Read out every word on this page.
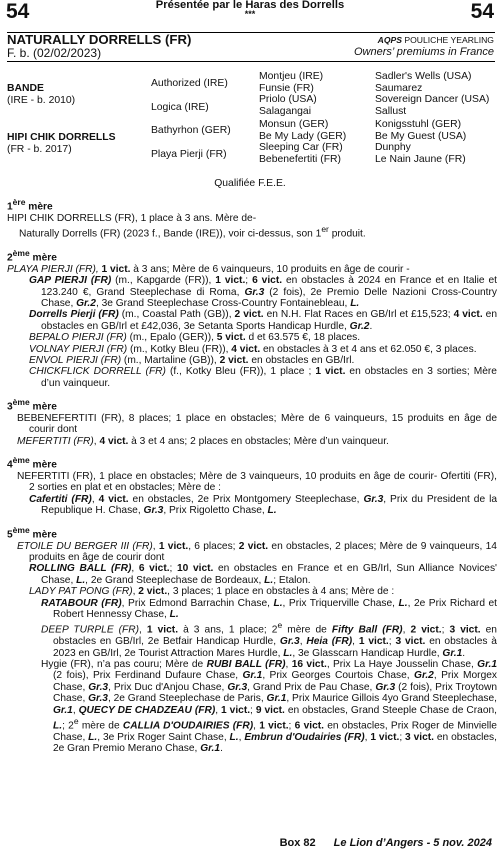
54	Présentée par le Haras des Dorrells
***	54
NATURALLY DORRELLS (FR)
F. b. (02/02/2023)
AQPS POULICHE YEARLING
Owners’ premiums in France
BANDE
(IRE - b. 2010)
HIPI CHIK DORRELLS
(FR - b. 2017)
Authorized (IRE)
Logica (IRE)
Bathyrhon (GER)
Playa Pierji (FR)
Montjeu (IRE)
Funsie (FR)
Priolo (USA)
Salagangai
Monsun (GER)
Be My Lady (GER)
Sleeping Car (FR)
Bebenefertiti (FR)
Sadler's Wells (USA)
Saumarez
Sovereign Dancer (USA)
Sallust
Konigsstuhl (GER)
Be My Guest (USA)
Dunphy
Le Nain Jaune (FR)
Qualifiée F.E.E.

1ère mère

HIPI CHIK DORRELLS (FR), 1 place à 3 ans. Mère de-
Naturally Dorrells (FR) (2023 f., Bande (IRE)), voir ci-dessus, son 1er produit.

2ème mère

PLAYA PIERJI (FR), 1 vict. à 3 ans; Mère de 6 vainqueurs, 10 produits en âge de courir -

GAP PIERJI (FR) (m., Kapgarde (FR)), 1 vict.; 6 vict. en obstacles à 2024 en France et en Italie et 123.240 €, Grand Steeplechase di Roma, Gr.3 (2 fois), 2e Premio Delle Nazioni Cross-Country Chase, Gr.2, 3e Grand Steeplechase Cross-Country Fontainebleau, L.

Dorrells Pierji (FR) (m., Coastal Path (GB)), 2 vict. en N.H. Flat Races en GB/Irl et £15,523; 4 vict. en obstacles en GB/Irl et £42,036, 3e Setanta Sports Handicap Hurdle, Gr.2.

BEPALO PIERJI (FR) (m., Epalo (GER)), 5 vict. d et 63.575 €, 18 places.

VOLNAY PIERJI (FR) (m., Kotky Bleu (FR)), 4 vict. en obstacles à 3 et 4 ans et 62.050 €, 3 places.

ENVOL PIERJI (FR) (m., Martaline (GB)), 2 vict. en obstacles en GB/Irl.

CHICKFLICK DORRELL (FR) (f., Kotky Bleu (FR)), 1 place ; 1 vict. en obstacles en 3 sorties; Mère d’un vainqueur.

3ème mère

BEBENEFERTITI (FR), 8 places; 1 place en obstacles; Mère de 6 vainqueurs, 15 produits en âge de courir dont

MEFERTITI (FR), 4 vict. à 3 et 4 ans; 2 places en obstacles; Mère d’un vainqueur.

4ème mère

NEFERTITI (FR), 1 place en obstacles; Mère de 3 vainqueurs, 10 produits en âge de courir- Ofertiti (FR), 2 sorties en plat et en obstacles; Mère de :

Cafertiti (FR), 4 vict. en obstacles, 2e Prix Montgomery Steeplechase, Gr.3, Prix du President de la Republique H. Chase, Gr.3, Prix Rigoletto Chase, L.

5ème mère

ETOILE DU BERGER III (FR), 1 vict., 6 places; 2 vict. en obstacles, 2 places; Mère de 9 vainqueurs, 14 produits en âge de courir dont

ROLLING BALL (FR), 6 vict.; 10 vict. en obstacles en France et en GB/Irl, Sun Alliance Novices' Chase, L., 2e Grand Steeplechase de Bordeaux, L.; Etalon.

LADY PAT PONG (FR), 2 vict., 3 places; 1 place en obstacles à 4 ans; Mère de :

RATABOUR (FR), Prix Edmond Barrachin Chase, L., Prix Triquerville Chase, L., 2e Prix Richard et Robert Hennessy Chase, L.

DEEP TURPLE (FR), 1 vict. à 3 ans, 1 place; 2e mère de Fifty Ball (FR), 2 vict.; 3 vict. en obstacles en GB/Irl, 2e Betfair Handicap Hurdle, Gr.3, Heia (FR), 1 vict.; 3 vict. en obstacles à 2023 en GB/Irl, 2e Tourist Attraction Mares Hurdle, L., 3e Glasscarn Handicap Hurdle, Gr.1.

Hygie (FR), n’a pas couru; Mère de RUBI BALL (FR), 16 vict., Prix La Haye Jousselin Chase, Gr.1 (2 fois), Prix Ferdinand Dufaure Chase, Gr.1, Prix Georges Courtois Chase, Gr.2, Prix Morgex Chase, Gr.3, Prix Duc d'Anjou Chase, Gr.3, Grand Prix de Pau Chase, Gr.3 (2 fois), Prix Troytown Chase, Gr.3, 2e Grand Steeplechase de Paris, Gr.1, Prix Maurice Gillois 4yo Grand Steeplechase, Gr.1, QUECY DE CHADZEAU (FR), 1 vict.; 9 vict. en obstacles, Grand Steeple Chase de Craon, L.; 2e mère de CALLIA D'OUDAIRIES (FR), 1 vict.; 6 vict. en obstacles, Prix Roger de Minvielle Chase, L., 3e Prix Roger Saint Chase, L., Embrun d'Oudairies (FR), 1 vict.; 3 vict. en obstacles, 2e Gran Premio Merano Chase, Gr.1.

Box 82 Le Lion d’Angers - 5 nov. 2024
